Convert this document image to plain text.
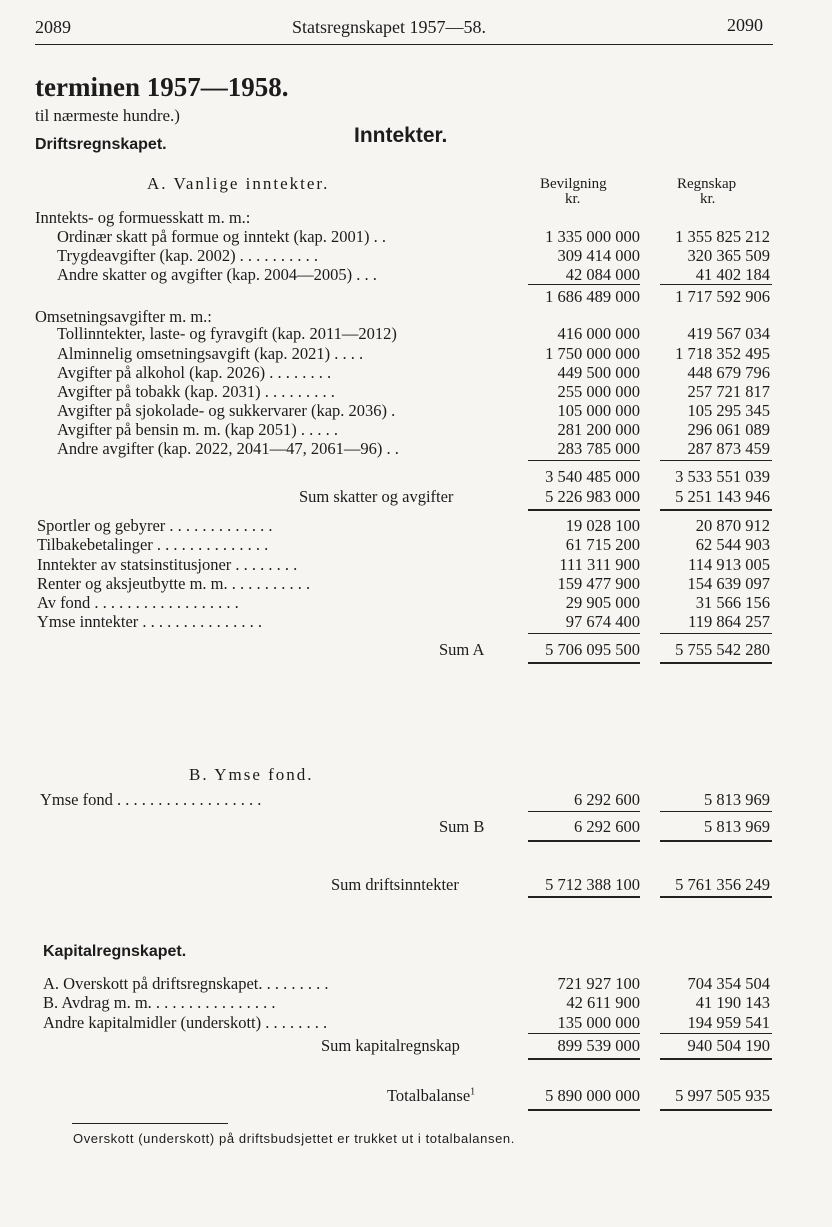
2089	Statsregnskapet 1957—58.	2090
terminen 1957—1958.
til nærmeste hundre.)
Driftsregnskapet.	Inntekter.
Bevilgning
kr.
Regnskap
kr.
A. Vanlige inntekter.
Inntekts- og formuesskatt m. m.:
Ordinær skatt på formue og inntekt (kap. 2001) . .	1 335 000 000	1 355 825 212
Trygdeavgifter (kap. 2002) . . . . . . . . . .	309 414 000	320 365 509
Andre skatter og avgifter (kap. 2004—2005) . . .	42 084 000	41 402 184
1 686 489 000	1 717 592 906
Omsetningsavgifter m. m.:
Tollinntekter, laste- og fyravgift (kap. 2011—2012)	416 000 000	419 567 034
Alminnelig omsetningsavgift (kap. 2021) . . . .	1 750 000 000	1 718 352 495
Avgifter på alkohol (kap. 2026) . . . . . . . .	449 500 000	448 679 796
Avgifter på tobakk (kap. 2031) . . . . . . . . .	255 000 000	257 721 817
Avgifter på sjokolade- og sukkervarer (kap. 2036) .	105 000 000	105 295 345
Avgifter på bensin m. m. (kap 2051) . . . . .	281 200 000	296 061 089
Andre avgifter (kap. 2022, 2041—47, 2061—96) . .	283 785 000	287 873 459
3 540 485 000	3 533 551 039
Sum skatter og avgifter	5 226 983 000	5 251 143 946
Sportler og gebyrer . . . . . . . . . . . . .	19 028 100	20 870 912
Tilbakebetalinger . . . . . . . . . . . . . .	61 715 200	62 544 903
Inntekter av statsinstitusjoner . . . . . . . .	111 311 900	114 913 005
Renter og aksjeutbytte m. m. . . . . . . . . . .	159 477 900	154 639 097
Av fond . . . . . . . . . . . . . . . . . .	29 905 000	31 566 156
Ymse inntekter . . . . . . . . . . . . . . .	97 674 400	119 864 257
Sum A	5 706 095 500	5 755 542 280
B. Ymse fond.
Ymse fond . . . . . . . . . . . . . . . . . .	6 292 600	5 813 969
Sum B	6 292 600	5 813 969
Sum driftsinntekter	5 712 388 100	5 761 356 249
Kapitalregnskapet.
A. Overskott på driftsregnskapet. . . . . . . . .	721 927 100	704 354 504
B. Avdrag m. m. . . . . . . . . . . . . . . .	42 611 900	41 190 143
Andre kapitalmidler (underskott) . . . . . . . .	135 000 000	194 959 541
Sum kapitalregnskap	899 539 000	940 504 190
Totalbalanse$^1$	5 890 000 000	5 997 505 935
Overskott (underskott) på driftsbudsjettet er trukket ut i totalbalansen.
